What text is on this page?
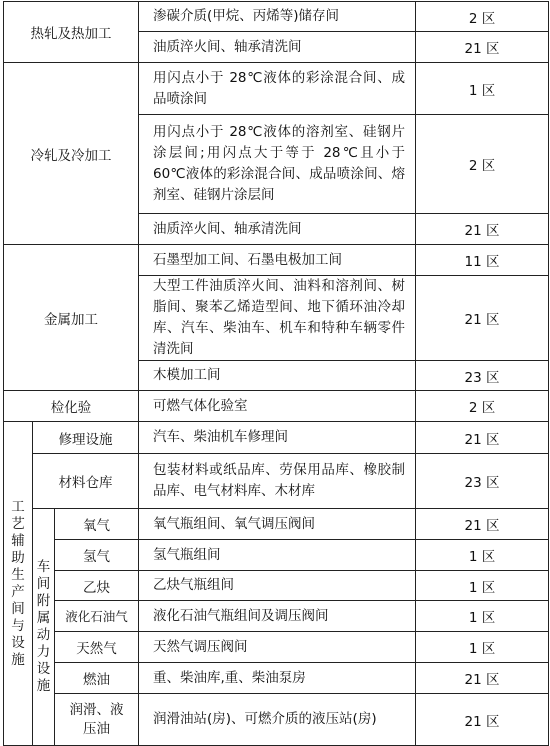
热轧及热加工			渗碳介质(甲烷、丙烯等)储存间	2 区
			油质淬火间、轴承清洗间	21 区
冷轧及冷加工			用闪点小于 28℃液体的彩涂混合间、成品喷涂间	1 区
			用闪点小于 28℃液体的溶剂室、硅钢片涂层间;用闪点大于等于 28℃且小于 60℃液体的彩涂混合间、成品喷涂间、熔剂室、硅钢片涂层间	2 区
			油质淬火间、轴承清洗间	21 区
金属加工			石墨型加工间、石墨电极加工间	11 区
			大型工件油质淬火间、油料和溶剂间、树脂间、聚苯乙烯造型间、地下循环油冷却库、汽车、柴油车、机车和特种车辆零件清洗间	21 区
			木模加工间	23 区
检化验			可燃气体化验室	2 区
工艺辅助生产间与设施	修理设施		汽车、柴油机车修理间	21 区
	材料仓库		包装材料或纸品库、劳保用品库、橡胶制品库、电气材料库、木材库	23 区
	车间附属动力设施	氧气	氧气瓶组间、氧气调压阀间	21 区
		氢气	氢气瓶组间	1 区
		乙炔	乙炔气瓶组间	1 区
		液化石油气	液化石油气瓶组间及调压阀间	1 区
		天然气	天然气调压阀间	1 区
		燃油	重、柴油库,重、柴油泵房	21 区
		润滑、液压油	润滑油站(房)、可燃介质的液压站(房)	21 区
